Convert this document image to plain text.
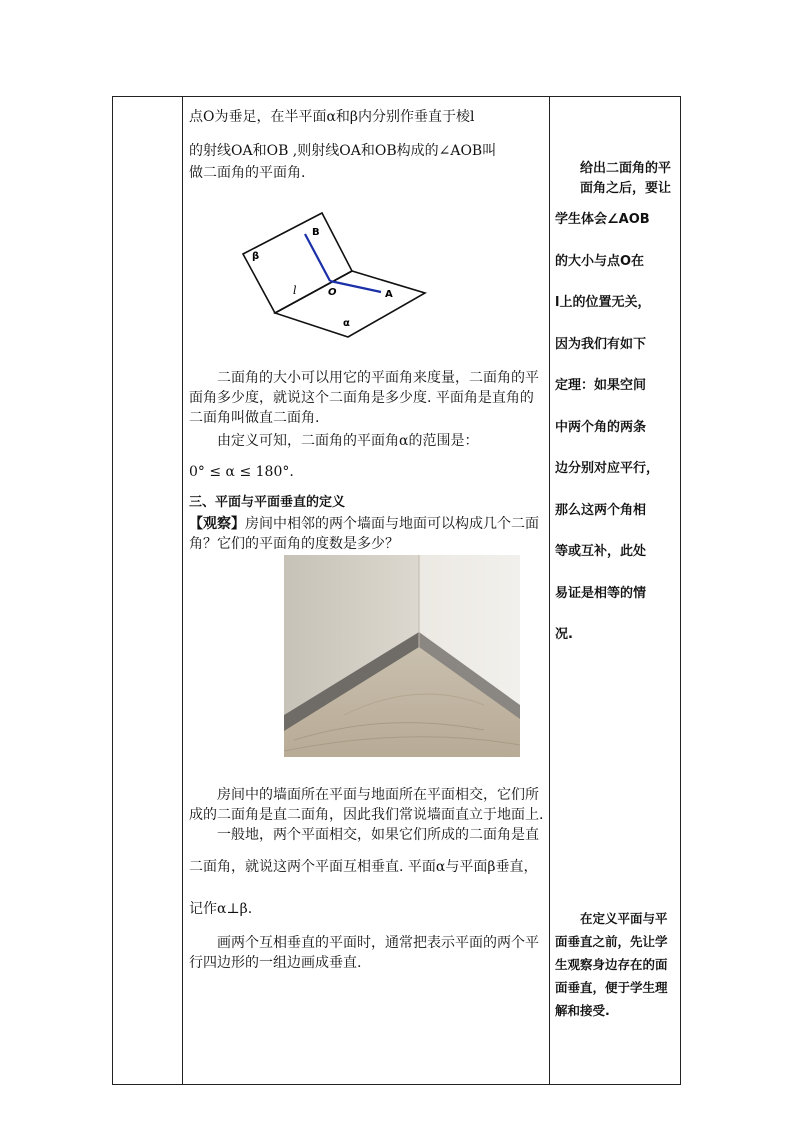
点O为垂足，在半平面α和β内分别作垂直于棱l

的射线OA和OB ,则射线OA和OB构成的∠AOB叫

做二面角的平面角.

B
β
l	O	A
α

二面角的大小可以用它的平面角来度量，二面角的平面角多少度，就说这个二面角是多少度. 平面角是直角的二面角叫做直二面角.

由定义可知，二面角的平面角α的范围是：

0° ≤ α ≤ 180°.

三、平面与平面垂直的定义

【观察】房间中相邻的两个墙面与地面可以构成几个二面角？它们的平面角的度数是多少？

房间中的墙面所在平面与地面所在平面相交，它们所成的二面角是直二面角，因此我们常说墙面直立于地面上.

一般地，两个平面相交，如果它们所成的二面角是直

二面角，就说这两个平面互相垂直. 平面α与平面β垂直，

记作α⊥β.

画两个互相垂直的平面时，通常把表示平面的两个平行四边形的一组边画成垂直.

给出二面角的平面角之后，要让
学生体会∠AOB
的大小与点O在
l上的位置无关，
因为我们有如下
定理：如果空间
中两个角的两条
边分别对应平行，
那么这两个角相
等或互补，此处
易证是相等的情
况.

在定义平面与平面垂直之前，先让学生观察身边存在的面面垂直，便于学生理解和接受.
